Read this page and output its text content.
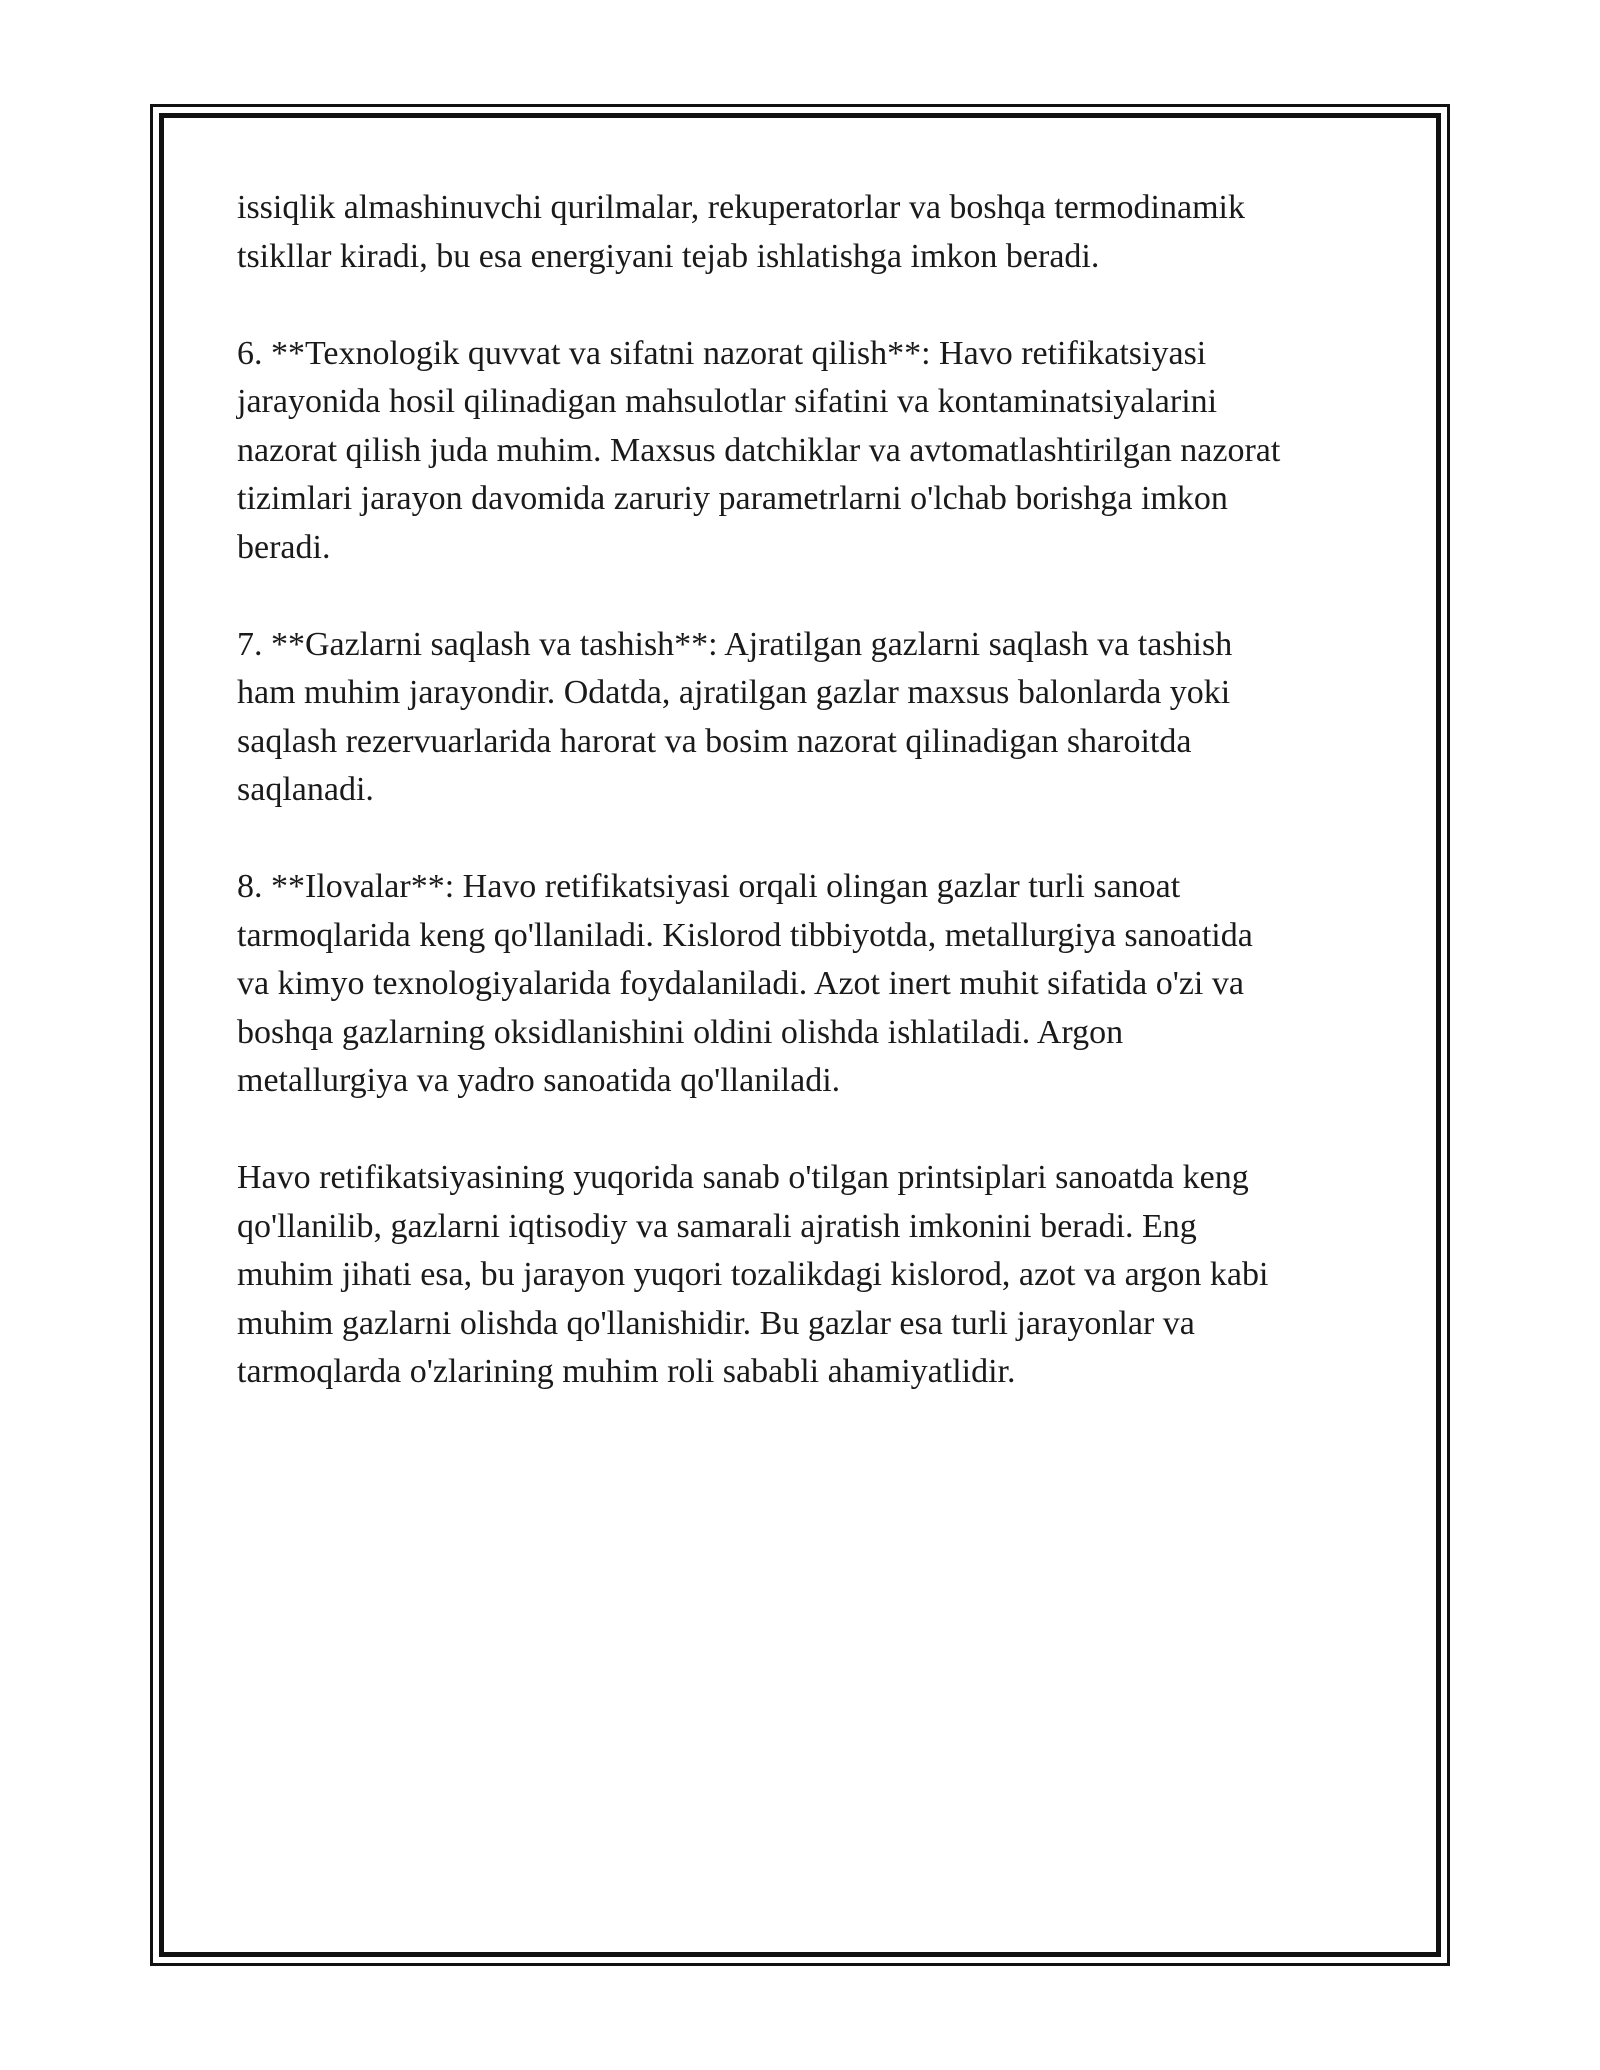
issiqlik almashinuvchi qurilmalar, rekuperatorlar va boshqa termodinamik
tsikllar kiradi, bu esa energiyani tejab ishlatishga imkon beradi.

6. **Texnologik quvvat va sifatni nazorat qilish**: Havo retifikatsiyasi
jarayonida hosil qilinadigan mahsulotlar sifatini va kontaminatsiyalarini
nazorat qilish juda muhim. Maxsus datchiklar va avtomatlashtirilgan nazorat
tizimlari jarayon davomida zaruriy parametrlarni o'lchab borishga imkon
beradi.

7. **Gazlarni saqlash va tashish**: Ajratilgan gazlarni saqlash va tashish
ham muhim jarayondir. Odatda, ajratilgan gazlar maxsus balonlarda yoki
saqlash rezervuarlarida harorat va bosim nazorat qilinadigan sharoitda
saqlanadi.

8. **Ilovalar**: Havo retifikatsiyasi orqali olingan gazlar turli sanoat
tarmoqlarida keng qo'llaniladi. Kislorod tibbiyotda, metallurgiya sanoatida
va kimyo texnologiyalarida foydalaniladi. Azot inert muhit sifatida o'zi va
boshqa gazlarning oksidlanishini oldini olishda ishlatiladi. Argon
metallurgiya va yadro sanoatida qo'llaniladi.

Havo retifikatsiyasining yuqorida sanab o'tilgan printsiplari sanoatda keng
qo'llanilib, gazlarni iqtisodiy va samarali ajratish imkonini beradi. Eng
muhim jihati esa, bu jarayon yuqori tozalikdagi kislorod, azot va argon kabi
muhim gazlarni olishda qo'llanishidir. Bu gazlar esa turli jarayonlar va
tarmoqlarda o'zlarining muhim roli sababli ahamiyatlidir.
